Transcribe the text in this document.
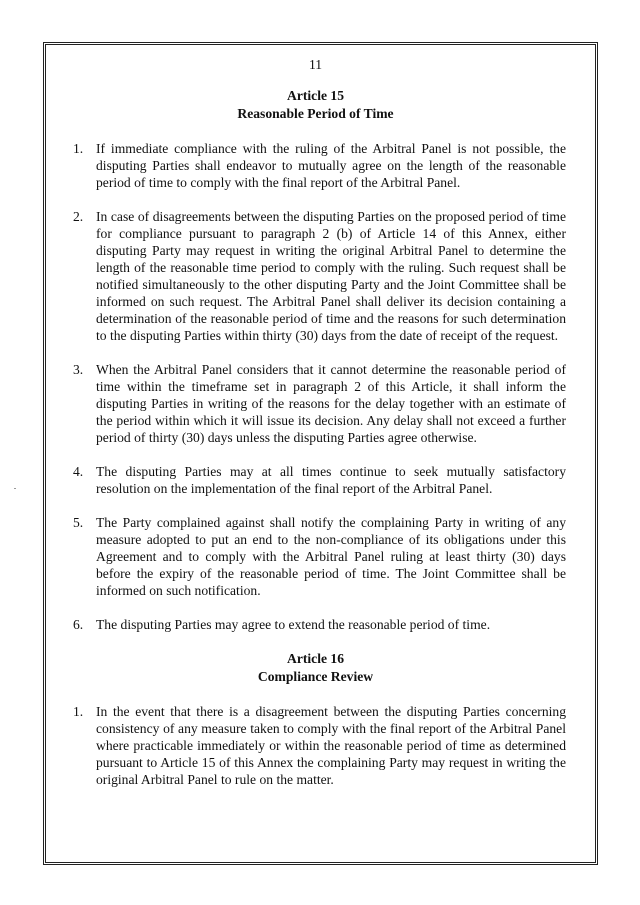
11
Article 15
Reasonable Period of Time
1. If immediate compliance with the ruling of the Arbitral Panel is not possible, the disputing Parties shall endeavor to mutually agree on the length of the reasonable period of time to comply with the final report of the Arbitral Panel.
2. In case of disagreements between the disputing Parties on the proposed period of time for compliance pursuant to paragraph 2 (b) of Article 14 of this Annex, either disputing Party may request in writing the original Arbitral Panel to determine the length of the reasonable time period to comply with the ruling. Such request shall be notified simultaneously to the other disputing Party and the Joint Committee shall be informed on such request. The Arbitral Panel shall deliver its decision containing a determination of the reasonable period of time and the reasons for such determination to the disputing Parties within thirty (30) days from the date of receipt of the request.
3. When the Arbitral Panel considers that it cannot determine the reasonable period of time within the timeframe set in paragraph 2 of this Article, it shall inform the disputing Parties in writing of the reasons for the delay together with an estimate of the period within which it will issue its decision. Any delay shall not exceed a further period of thirty (30) days unless the disputing Parties agree otherwise.
4. The disputing Parties may at all times continue to seek mutually satisfactory resolution on the implementation of the final report of the Arbitral Panel.
5. The Party complained against shall notify the complaining Party in writing of any measure adopted to put an end to the non-compliance of its obligations under this Agreement and to comply with the Arbitral Panel ruling at least thirty (30) days before the expiry of the reasonable period of time. The Joint Committee shall be informed on such notification.
6. The disputing Parties may agree to extend the reasonable period of time.
Article 16
Compliance Review
1. In the event that there is a disagreement between the disputing Parties concerning consistency of any measure taken to comply with the final report of the Arbitral Panel where practicable immediately or within the reasonable period of time as determined pursuant to Article 15 of this Annex the complaining Party may request in writing the original Arbitral Panel to rule on the matter.
